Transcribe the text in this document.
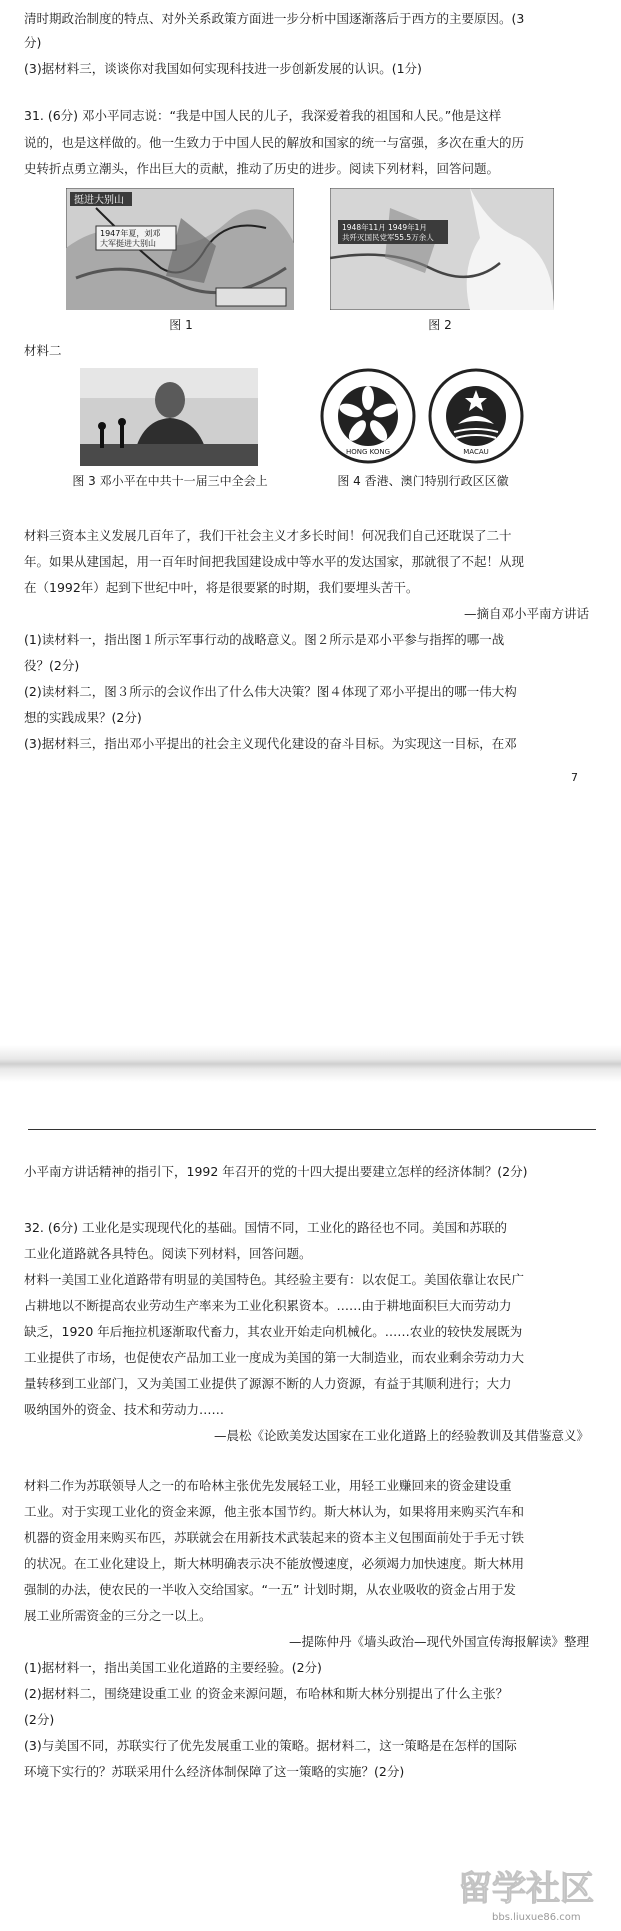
清时期政治制度的特点、对外关系政策方面进一步分析中国逐渐落后于西方的主要原因。(3
分)
(3)据材料三，谈谈你对我国如何实现科技进一步创新发展的认识。(1分)
31. (6分) 邓小平同志说：“我是中国人民的儿子，我深爱着我的祖国和人民。”他是这样
说的，也是这样做的。他一生致力于中国人民的解放和国家的统一与富强，多次在重大的历
史转折点勇立潮头，作出巨大的贡献，推动了历史的进步。阅读下列材料，回答问题。
挺进大别山
1947年夏，刘邓
大军挺进大别山
图 1
1948年11月 1949年1月
共歼灭国民党军55.5万余人
图 2
材料二
HONG KONG	MACAU
图 3 邓小平在中共十一届三中全会上	图 4 香港、澳门特别行政区区徽
材料三资本主义发展几百年了，我们干社会主义才多长时间！何况我们自己还耽误了二十
年。如果从建国起，用一百年时间把我国建设成中等水平的发达国家，那就很了不起！从现
在（1992年）起到下世纪中叶，将是很要紧的时期，我们要埋头苦干。
—摘自邓小平南方讲话
(1)读材料一，指出图１所示军事行动的战略意义。图２所示是邓小平参与指挥的哪一战
役？(2分)
(2)读材料二，图３所示的会议作出了什么伟大决策？图４体现了邓小平提出的哪一伟大构
想的实践成果？(2分)
(3)据材料三，指出邓小平提出的社会主义现代化建设的奋斗目标。为实现这一目标，在邓
7
小平南方讲话精神的指引下，1992 年召开的党的十四大提出要建立怎样的经济体制？(2分)
32. (6分) 工业化是实现现代化的基础。国情不同，工业化的路径也不同。美国和苏联的
工业化道路就各具特色。阅读下列材料，回答问题。
材料一美国工业化道路带有明显的美国特色。其经验主要有：以农促工。美国依靠让农民广
占耕地以不断提高农业劳动生产率来为工业化积累资本。……由于耕地面积巨大而劳动力
缺乏，1920 年后拖拉机逐渐取代畜力，其农业开始走向机械化。……农业的较快发展既为
工业提供了市场，也促使农产品加工业一度成为美国的第一大制造业，而农业剩余劳动力大
量转移到工业部门，又为美国工业提供了源源不断的人力资源，有益于其顺利进行；大力
吸纳国外的资金、技术和劳动力……
—晨松《论欧美发达国家在工业化道路上的经验教训及其借鉴意义》
材料二作为苏联领导人之一的布哈林主张优先发展轻工业，用轻工业赚回来的资金建设重
工业。对于实现工业化的资金来源，他主张本国节约。斯大林认为，如果将用来购买汽车和
机器的资金用来购买布匹，苏联就会在用新技术武装起来的资本主义包围面前处于手无寸铁
的状况。在工业化建设上，斯大林明确表示决不能放慢速度，必须竭力加快速度。斯大林用
强制的办法，使农民的一半收入交给国家。“一五” 计划时期，从农业吸收的资金占用于发
展工业所需资金的三分之一以上。
—提陈仲丹《墙头政治—现代外国宣传海报解读》整理
(1)据材料一，指出美国工业化道路的主要经验。(2分)
(2)据材料二，围绕建设重工业 的资金来源问题，布哈林和斯大林分别提出了什么主张？
(2分)
(3)与美国不同，苏联实行了优先发展重工业的策略。据材料二，这一策略是在怎样的国际
环境下实行的？苏联采用什么经济体制保障了这一策略的实施？(2分)
留学社区
bbs.liuxue86.com
